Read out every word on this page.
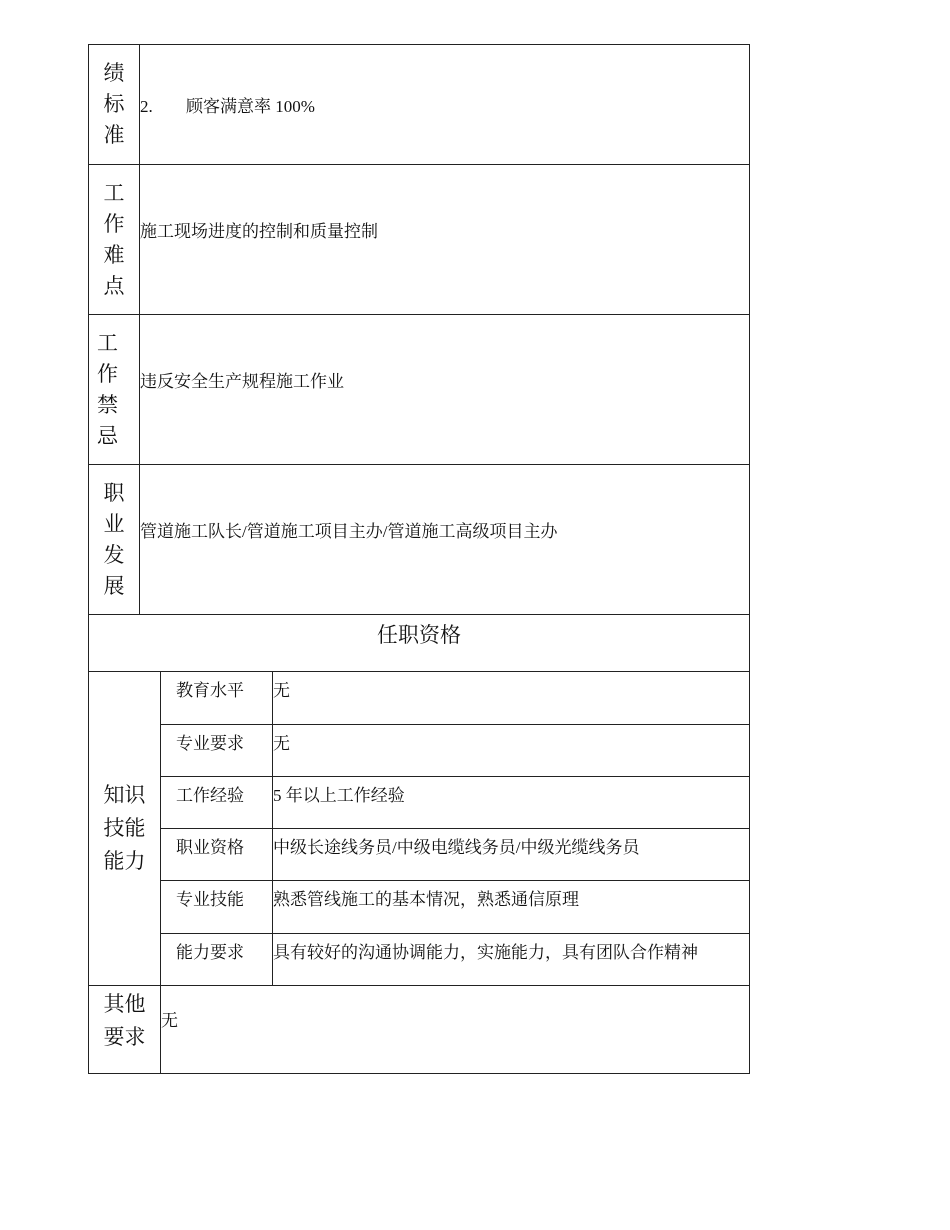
绩
标
准	2. 顾客满意率 100%		

工
作
难
点	施工现场进度的控制和质量控制		

工
作
禁
忌	违反安全生产规程施工作业		

职
业
发
展	管道施工队长/管道施工项目主办/管道施工高级项目主办		
任职资格			

知识
技能
能力		教育水平	无
		专业要求	无
		工作经验	5 年以上工作经验
		职业资格	中级长途线务员/中级电缆线务员/中级光缆线务员
		专业技能	熟悉管线施工的基本情况，熟悉通信原理
		能力要求	具有较好的沟通协调能力，实施能力，具有团队合作精神

其他
要求		无	
